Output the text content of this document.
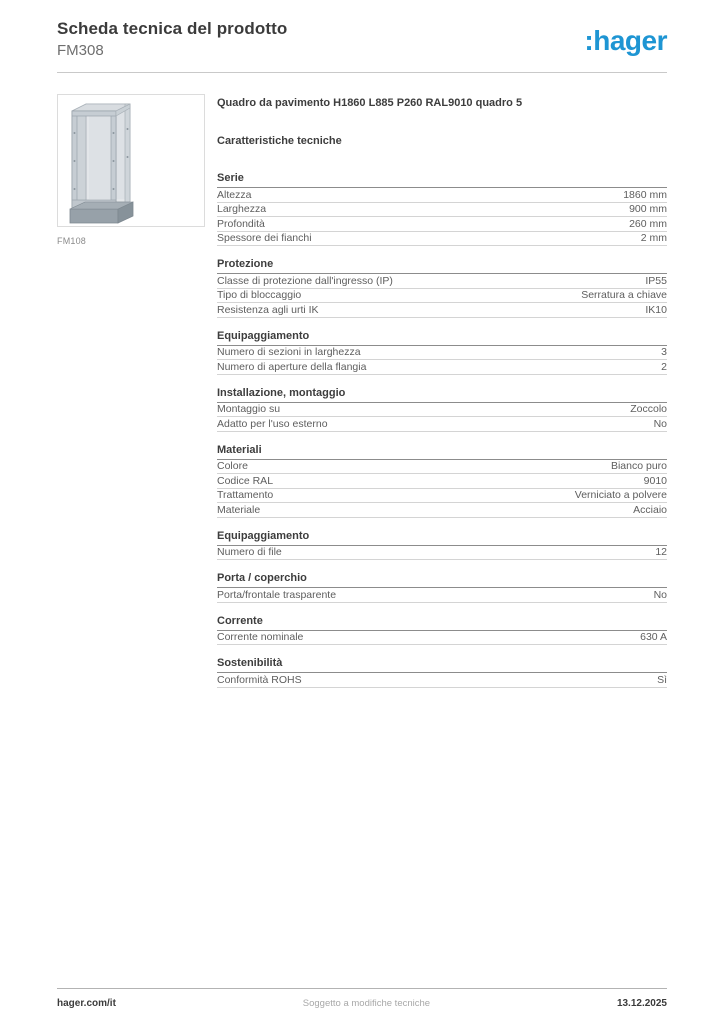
Scheda tecnica del prodotto
FM308	:hager
FM108
Quadro da pavimento H1860 L885 P260 RAL9010 quadro 5
Caratteristiche tecniche
Serie
Altezza	1860 mm
Larghezza	900 mm
Profondità	260 mm
Spessore dei fianchi	2 mm
Protezione
Classe di protezione dall'ingresso (IP)	IP55
Tipo di bloccaggio	Serratura a chiave
Resistenza agli urti IK	IK10
Equipaggiamento
Numero di sezioni in larghezza	3
Numero di aperture della flangia	2
Installazione, montaggio
Montaggio su	Zoccolo
Adatto per l'uso esterno	No
Materiali
Colore	Bianco puro
Codice RAL	9010
Trattamento	Verniciato a polvere
Materiale	Acciaio
Equipaggiamento
Numero di file	12
Porta / coperchio
Porta/frontale trasparente	No
Corrente
Corrente nominale	630 A
Sostenibilità
Conformità ROHS	Sì
hager.com/it	Soggetto a modifiche tecniche	13.12.2025
